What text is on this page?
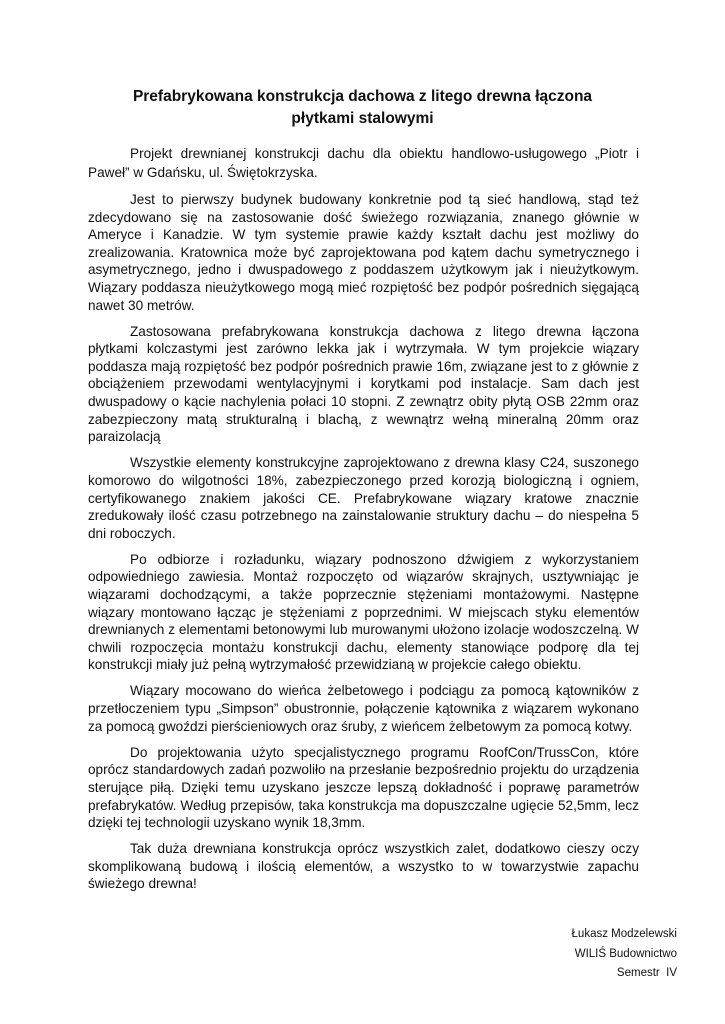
Prefabrykowana konstrukcja dachowa z litego drewna łączona
płytkami stalowymi

Projekt drewnianej konstrukcji dachu dla obiektu handlowo-usługowego „Piotr i Paweł” w Gdańsku, ul. Świętokrzyska.

Jest to pierwszy budynek budowany konkretnie pod tą sieć handlową, stąd też zdecydowano się na zastosowanie dość świeżego rozwiązania, znanego głównie w Ameryce i Kanadzie. W tym systemie prawie każdy kształt dachu jest możliwy do zrealizowania. Kratownica może być zaprojektowana pod kątem dachu symetrycznego i asymetrycznego, jedno i dwuspadowego z poddaszem użytkowym jak i nieużytkowym. Wiązary poddasza nieużytkowego mogą mieć rozpiętość bez podpór pośrednich sięgającą nawet 30 metrów.

Zastosowana prefabrykowana konstrukcja dachowa z litego drewna łączona płytkami kolczastymi jest zarówno lekka jak i wytrzymała. W tym projekcie wiązary poddasza mają rozpiętość bez podpór pośrednich prawie 16m, związane jest to z głównie z obciążeniem przewodami wentylacyjnymi i korytkami pod instalacje. Sam dach jest dwuspadowy o kącie nachylenia połaci 10 stopni. Z zewnątrz obity płytą OSB 22mm oraz zabezpieczony matą strukturalną i blachą, z wewnątrz wełną mineralną 20mm oraz paraizolacją

Wszystkie elementy konstrukcyjne zaprojektowano z drewna klasy C24, suszonego komorowo do wilgotności 18%, zabezpieczonego przed korozją biologiczną i ogniem, certyfikowanego znakiem jakości CE. Prefabrykowane wiązary kratowe znacznie zredukowały ilość czasu potrzebnego na zainstalowanie struktury dachu – do niespełna 5 dni roboczych.

Po odbiorze i rozładunku, wiązary podnoszono dźwigiem z wykorzystaniem odpowiedniego zawiesia. Montaż rozpoczęto od wiązarów skrajnych, usztywniając je wiązarami dochodzącymi, a także poprzecznie stężeniami montażowymi. Następne wiązary montowano łącząc je stężeniami z poprzednimi. W miejscach styku elementów drewnianych z elementami betonowymi lub murowanymi ułożono izolacje wodoszczelną. W chwili rozpoczęcia montażu konstrukcji dachu, elementy stanowiące podporę dla tej konstrukcji miały już pełną wytrzymałość przewidzianą w projekcie całego obiektu.

Wiązary mocowano do wieńca żelbetowego i podciągu za pomocą kątowników z przetłoczeniem typu „Simpson” obustronnie, połączenie kątownika z wiązarem wykonano za pomocą gwoździ pierścieniowych oraz śruby, z wieńcem żelbetowym za pomocą kotwy.

Do projektowania użyto specjalistycznego programu RoofCon/TrussCon, które oprócz standardowych zadań pozwoliło na przesłanie bezpośrednio projektu do urządzenia sterujące piłą. Dzięki temu uzyskano jeszcze lepszą dokładność i poprawę parametrów prefabrykatów. Według przepisów, taka konstrukcja ma dopuszczalne ugięcie 52,5mm, lecz dzięki tej technologii uzyskano wynik 18,3mm.

Tak duża drewniana konstrukcja oprócz wszystkich zalet, dodatkowo cieszy oczy skomplikowaną budową i ilością elementów, a wszystko to w towarzystwie zapachu świeżego drewna!

Łukasz Modzelewski
WILIŚ Budownictwo
Semestr  IV
